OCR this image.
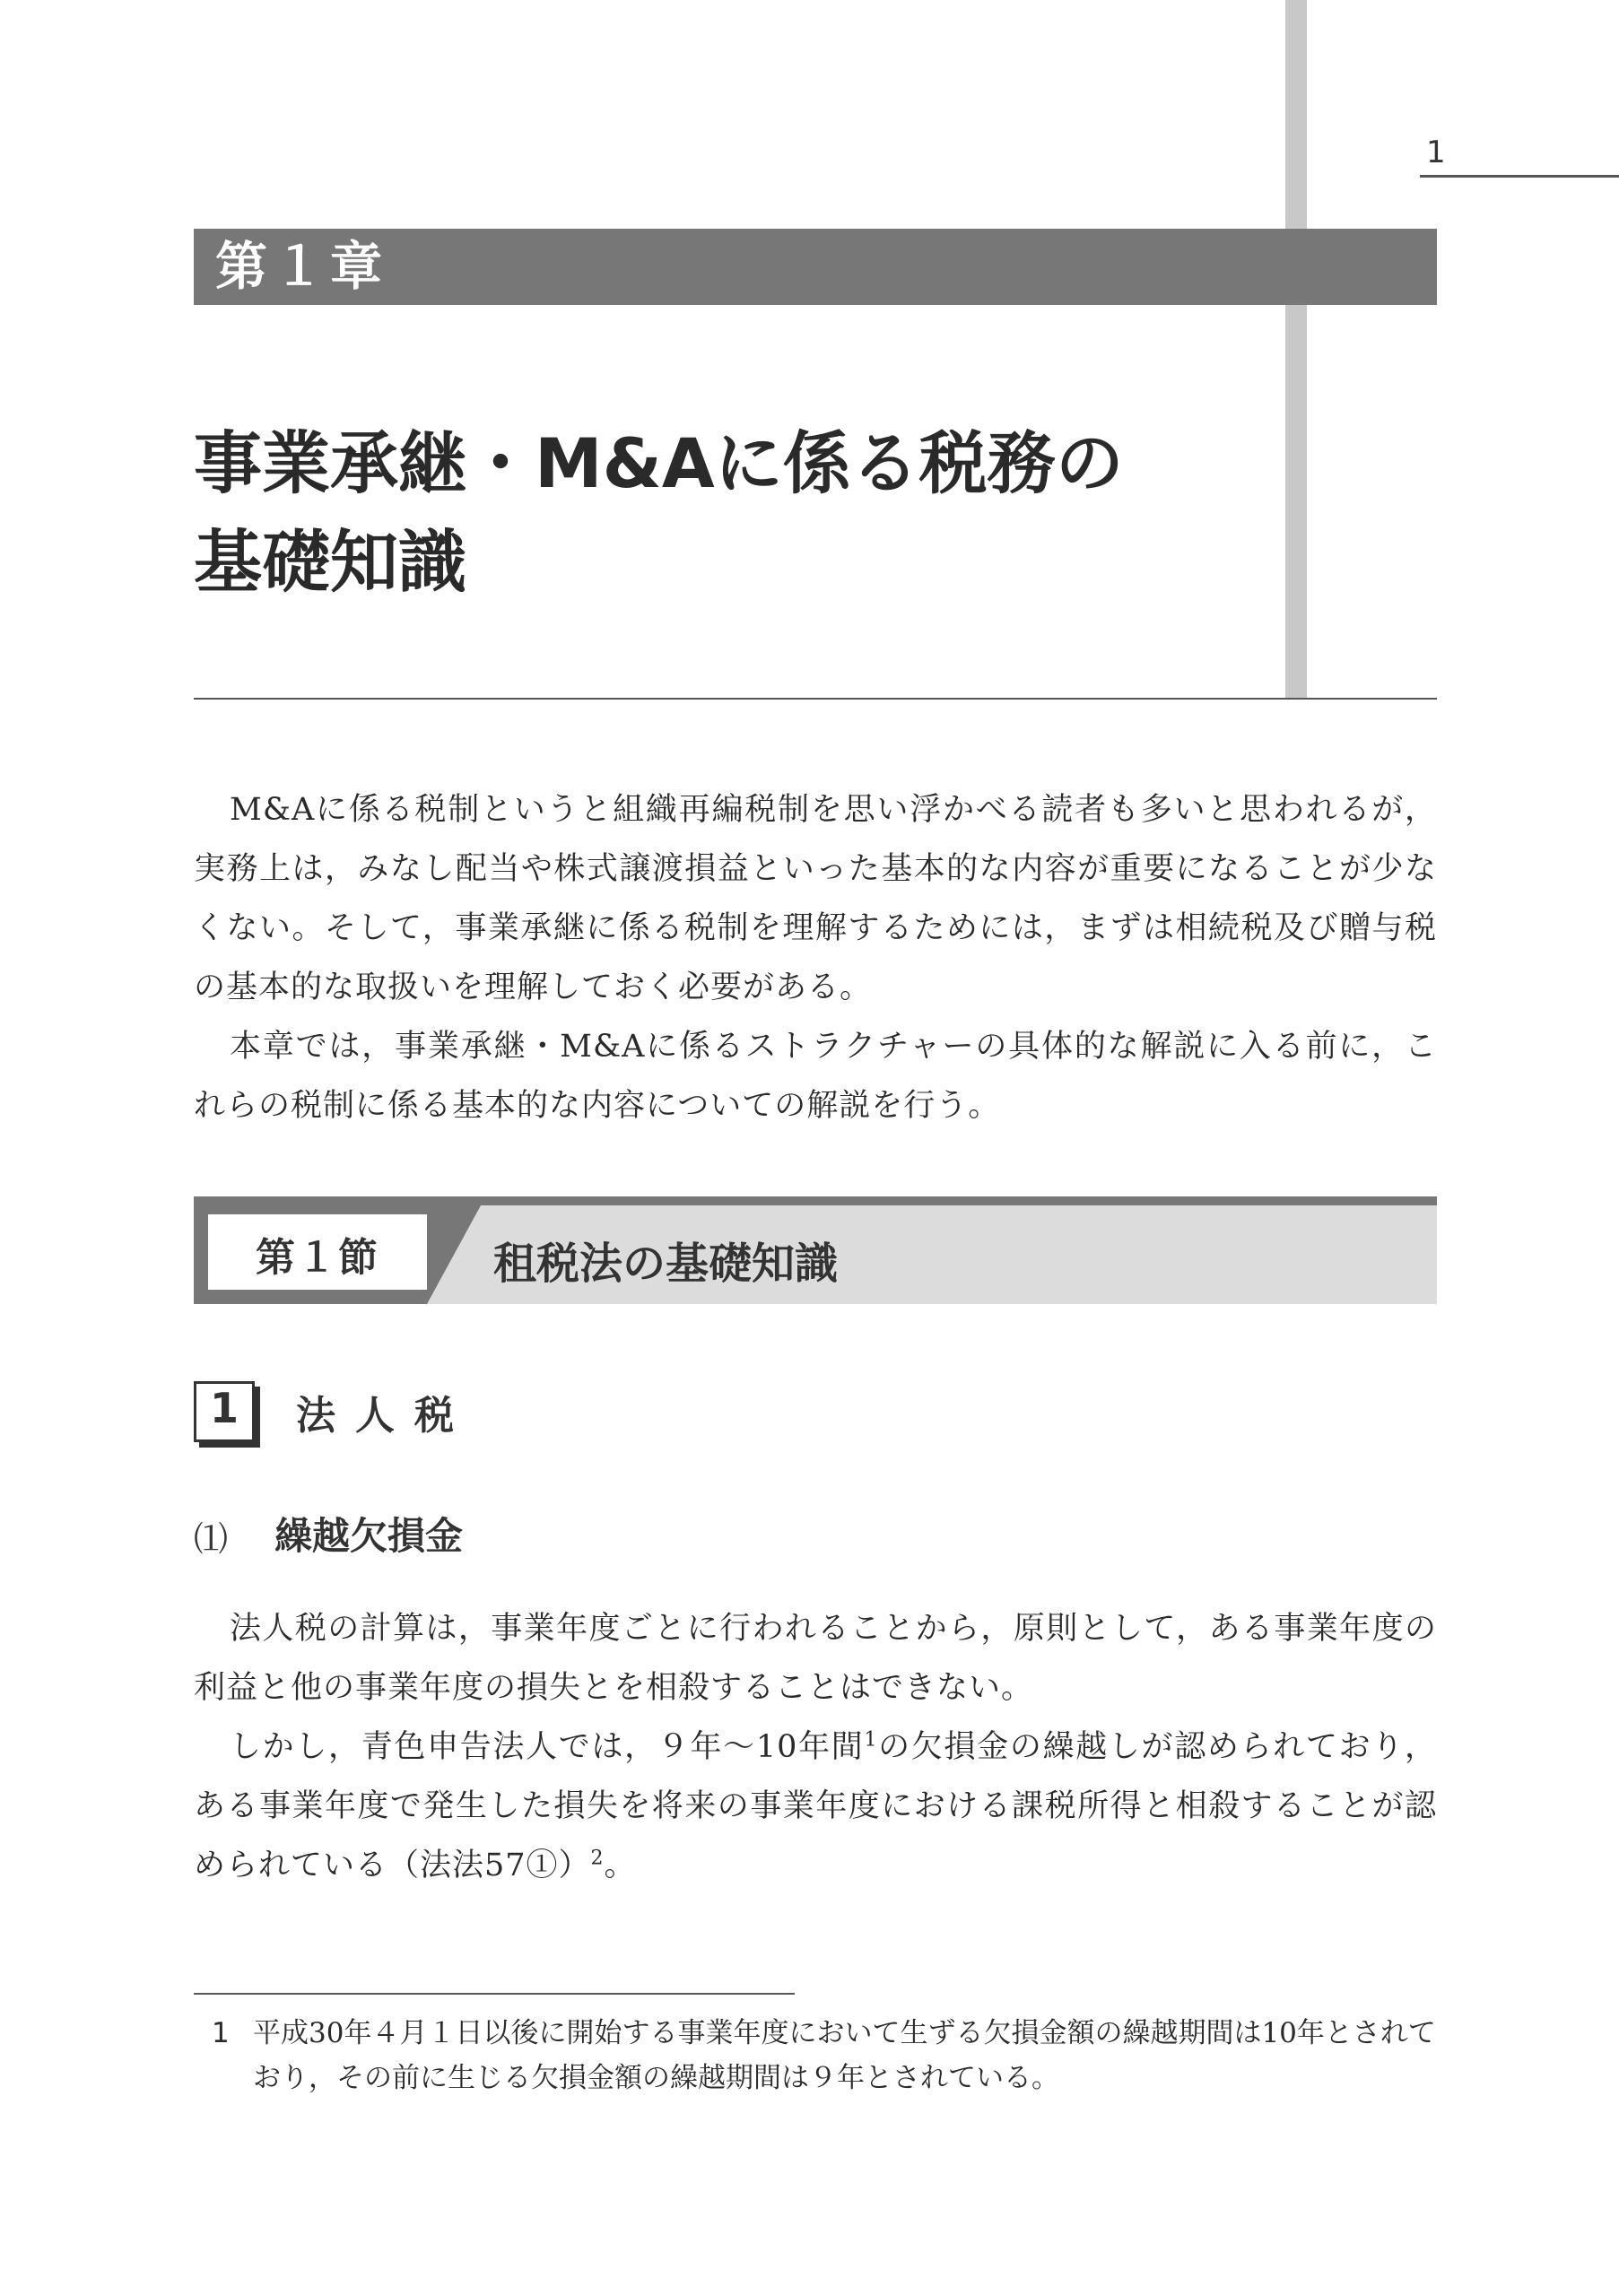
1
第１章
事業承継・M&Aに係る税務の
基礎知識

M&Aに係る税制というと組織再編税制を思い浮かべる読者も多いと思われるが，実務上は，みなし配当や株式譲渡損益といった基本的な内容が重要になることが少なくない。そして，事業承継に係る税制を理解するためには，まずは相続税及び贈与税の基本的な取扱いを理解しておく必要がある。

本章では，事業承継・M&Aに係るストラクチャーの具体的な解説に入る前に，これらの税制に係る基本的な内容についての解説を行う。

第１節	租税法の基礎知識
1	法人税
⑴ 繰越欠損金

法人税の計算は，事業年度ごとに行われることから，原則として，ある事業年度の利益と他の事業年度の損失とを相殺することはできない。

しかし，青色申告法人では，９年～10年間$^1$の欠損金の繰越しが認められており，ある事業年度で発生した損失を将来の事業年度における課税所得と相殺することが認められている（法法57①）$^2$。

1 平成30年４月１日以後に開始する事業年度において生ずる欠損金額の繰越期間は10年とされており，その前に生じる欠損金額の繰越期間は９年とされている。
